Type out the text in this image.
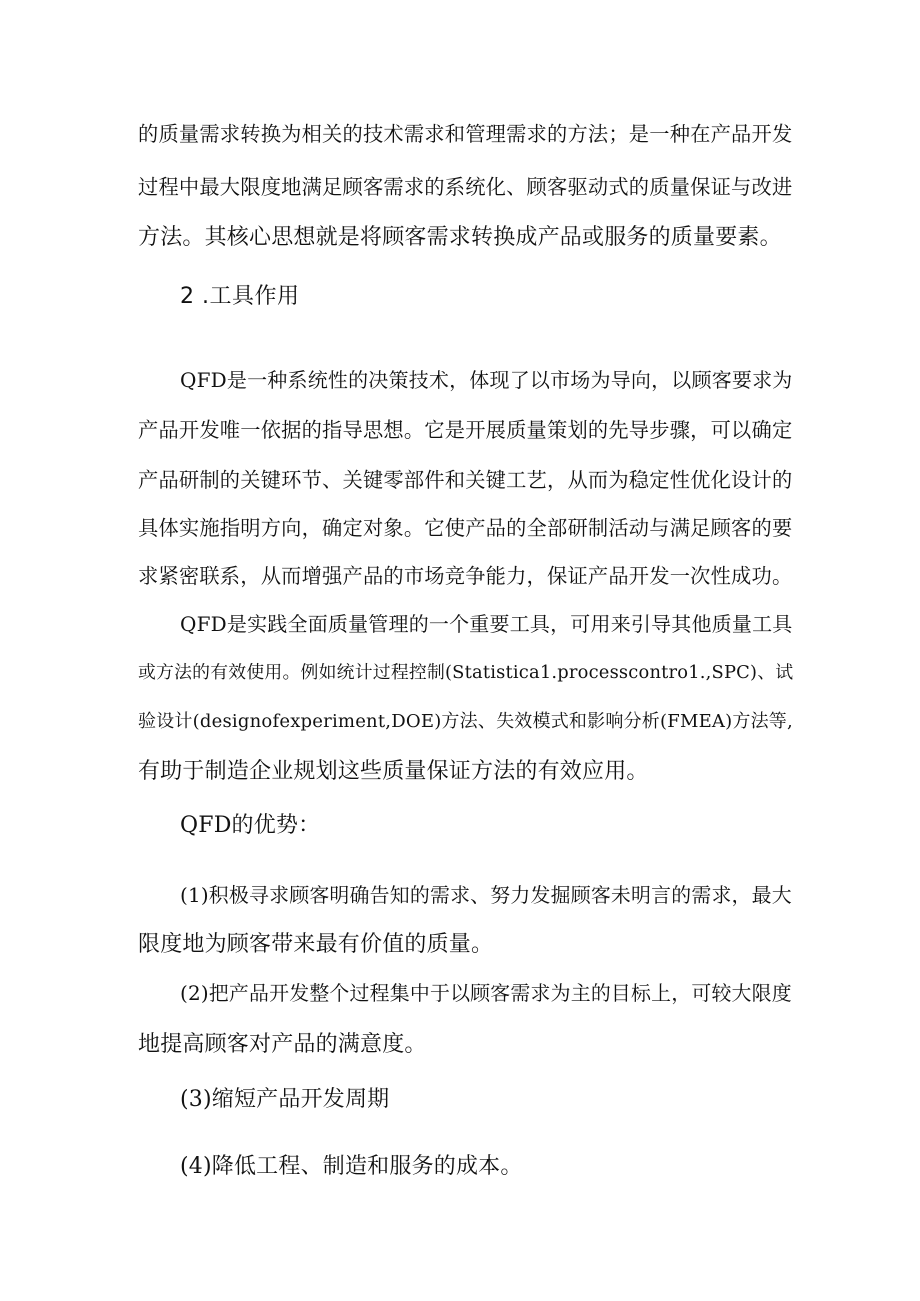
的质量需求转换为相关的技术需求和管理需求的方法；是一种在产品开发

过程中最大限度地满足顾客需求的系统化、顾客驱动式的质量保证与改进

方法。其核心思想就是将顾客需求转换成产品或服务的质量要素。

2 .工具作用

QFD是一种系统性的决策技术，体现了以市场为导向，以顾客要求为

产品开发唯一依据的指导思想。它是开展质量策划的先导步骤，可以确定

产品研制的关键环节、关键零部件和关键工艺，从而为稳定性优化设计的

具体实施指明方向，确定对象。它使产品的全部研制活动与满足顾客的要

求紧密联系，从而增强产品的市场竞争能力，保证产品开发一次性成功。

QFD是实践全面质量管理的一个重要工具，可用来引导其他质量工具

或方法的有效使用。例如统计过程控制(Statistica1.processcontro1.,SPC)、试

验设计(designofexperiment,DOE)方法、失效模式和影响分析(FMEA)方法等,

有助于制造企业规划这些质量保证方法的有效应用。

QFD的优势：

(1)积极寻求顾客明确告知的需求、努力发掘顾客未明言的需求，最大

限度地为顾客带来最有价值的质量。

(2)把产品开发整个过程集中于以顾客需求为主的目标上，可较大限度

地提高顾客对产品的满意度。

(3)缩短产品开发周期

(4)降低工程、制造和服务的成本。
